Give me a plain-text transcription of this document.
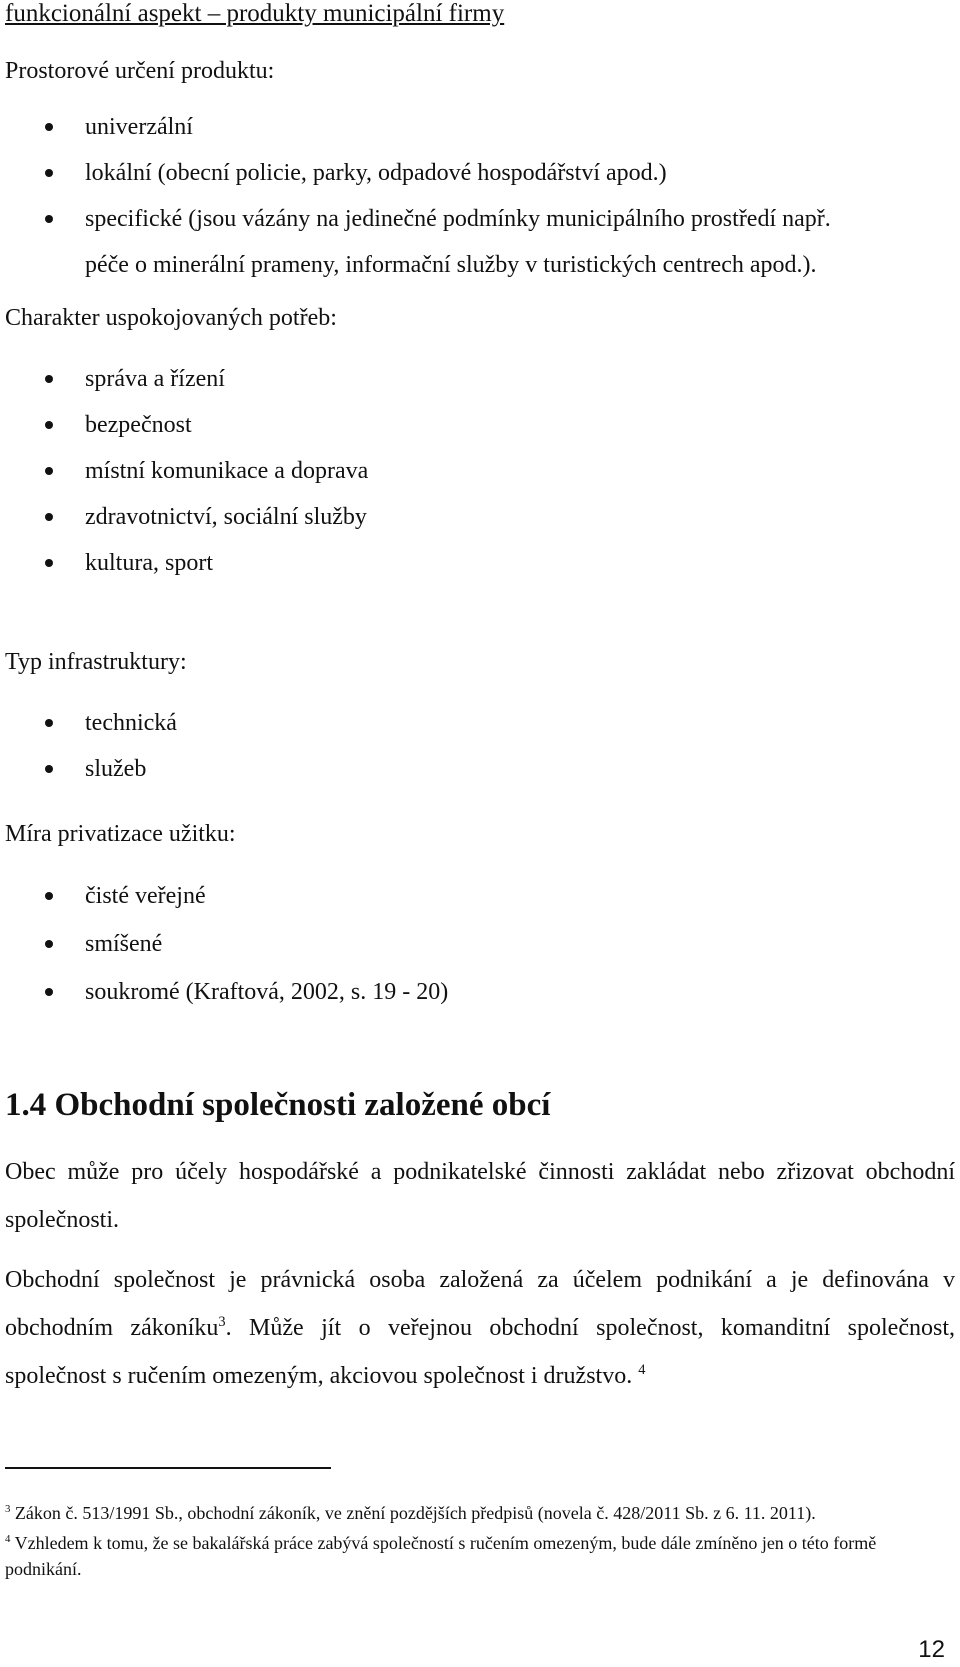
funkcionální aspekt – produkty municipální firmy
Prostorové určení produktu:
univerzální
lokální (obecní policie, parky, odpadové hospodářství apod.)
specifické (jsou vázány na jedinečné podmínky municipálního prostředí např.
péče o minerální prameny, informační služby v turistických centrech apod.).
Charakter uspokojovaných potřeb:
správa a řízení
bezpečnost
místní komunikace a doprava
zdravotnictví, sociální služby
kultura, sport
Typ infrastruktury:
technická
služeb
Míra privatizace užitku:
čisté veřejné
smíšené
soukromé (Kraftová, 2002, s. 19 - 20)
1.4 Obchodní společnosti založené obcí
Obec může pro účely hospodářské a podnikatelské činnosti zakládat nebo zřizovat obchodní společnosti.
Obchodní společnost je právnická osoba založená za účelem podnikání a je definována v obchodním zákoníku$^3$. Může jít o veřejnou obchodní společnost, komanditní společnost, společnost s ručením omezeným, akciovou společnost i družstvo. $^4$
$^3$ Zákon č. 513/1991 Sb., obchodní zákoník, ve znění pozdějších předpisů (novela č. 428/2011 Sb. z 6. 11. 2011).
$^4$ Vzhledem k tomu, že se bakalářská práce zabývá společností s ručením omezeným, bude dále zmíněno jen o této formě podnikání.
12
